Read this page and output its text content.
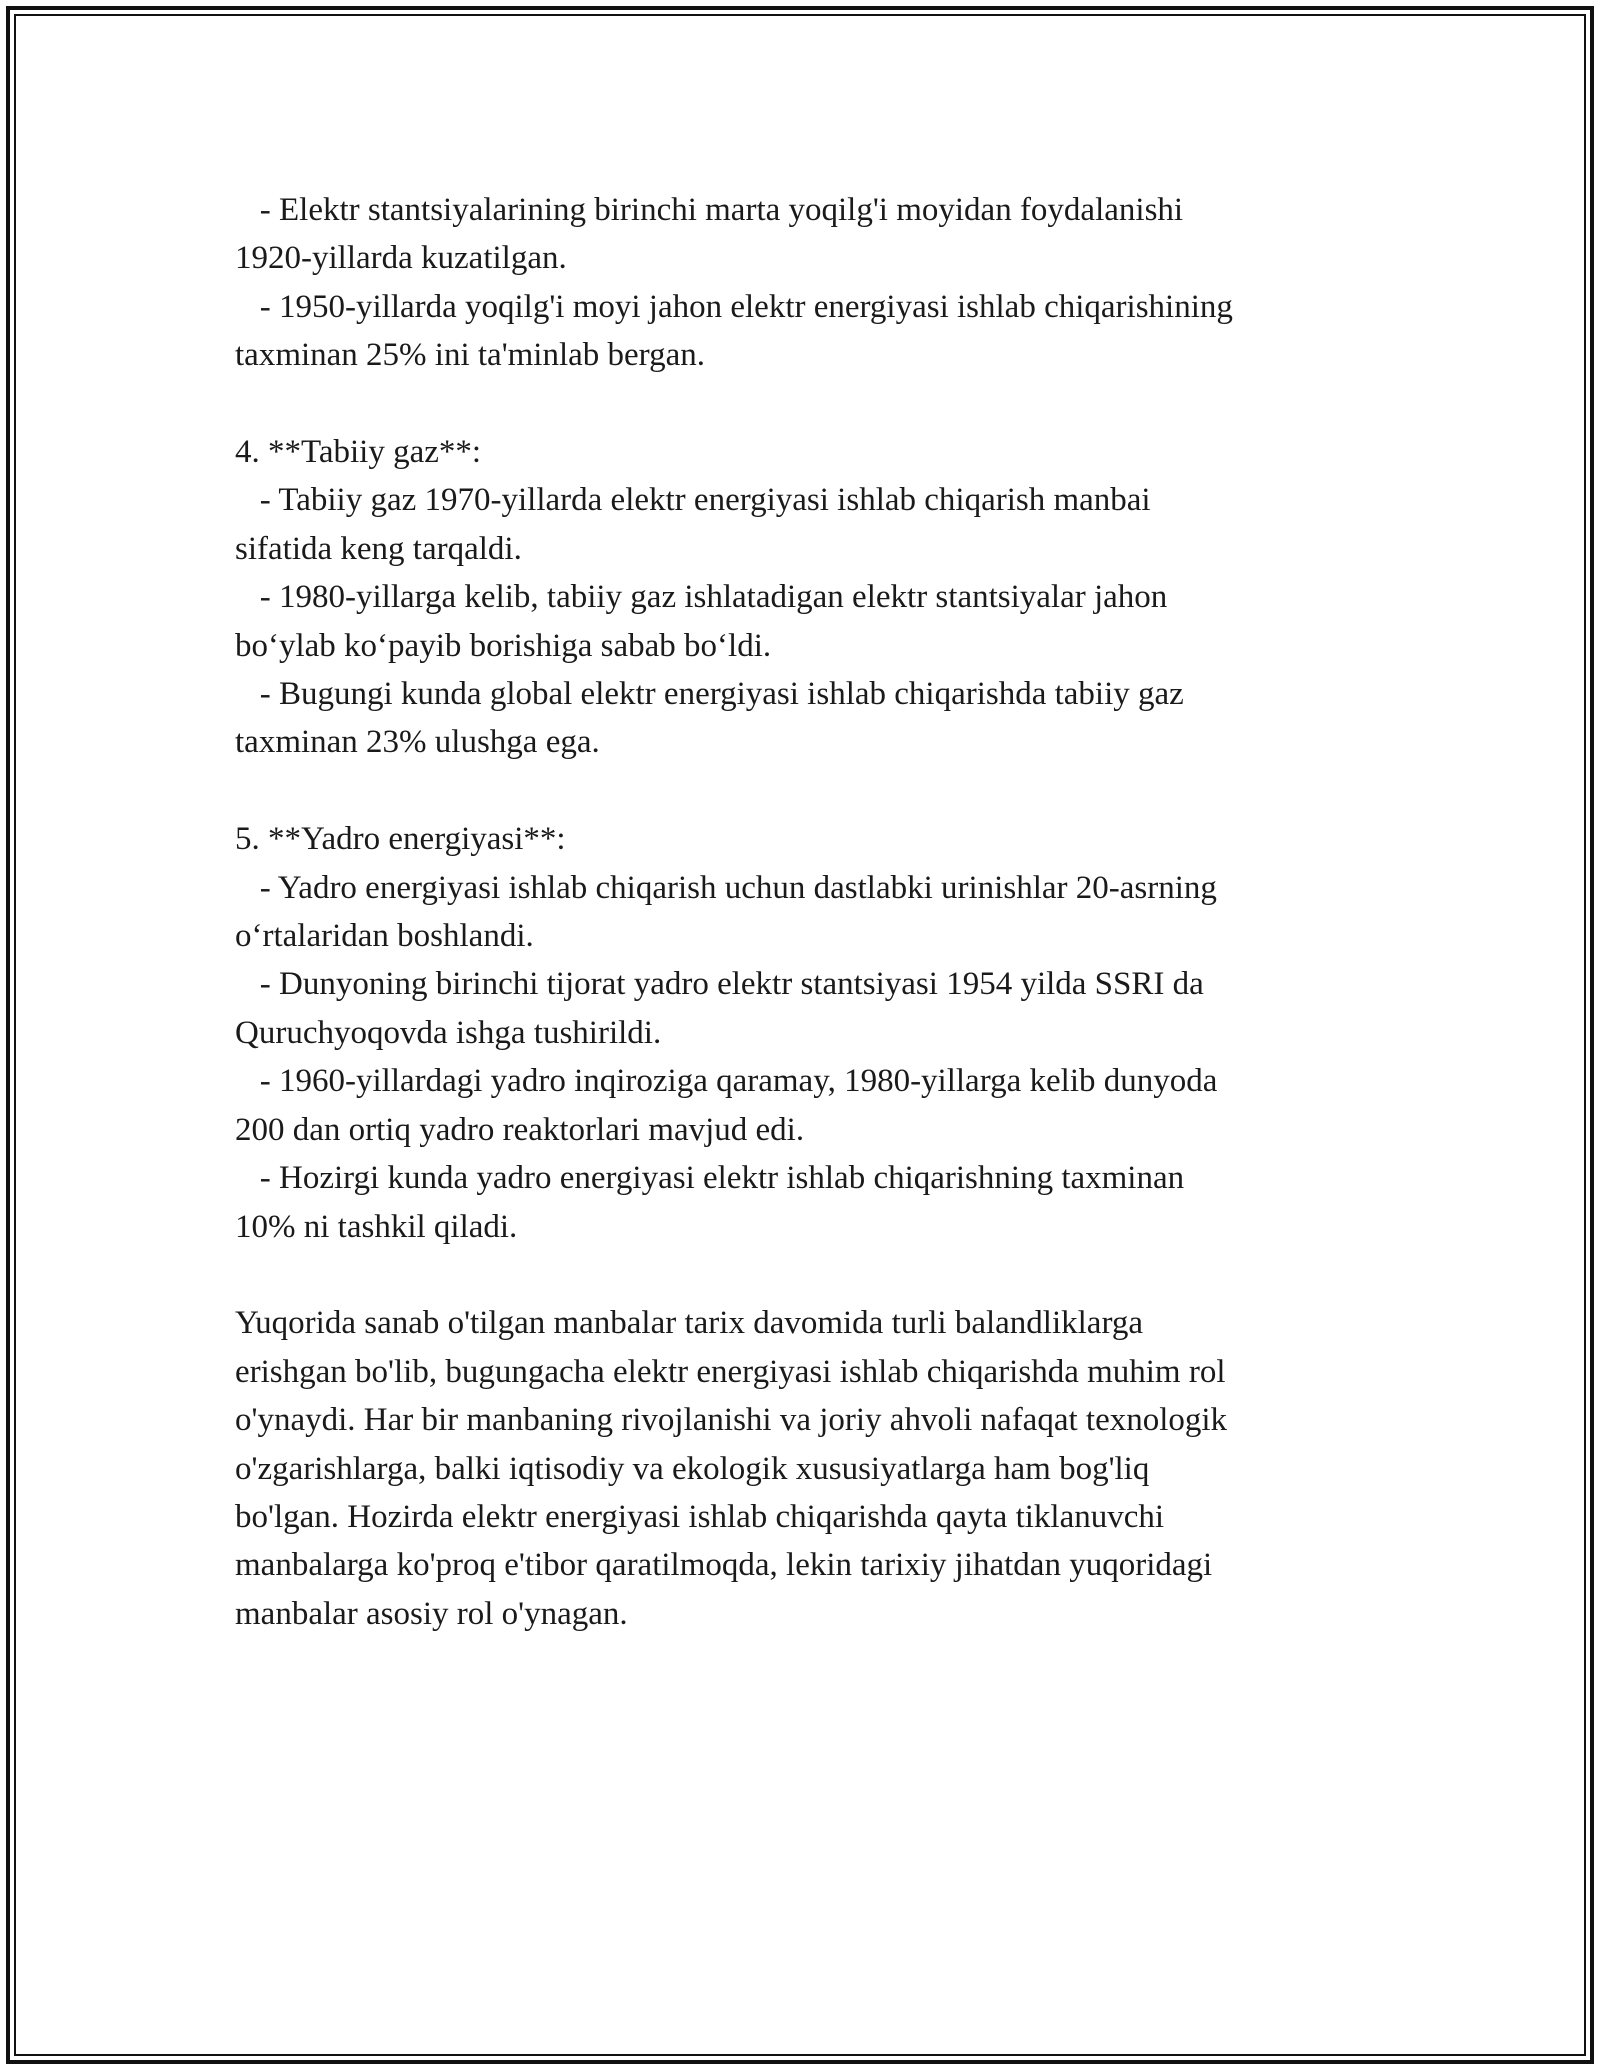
- Elektr stantsiyalarining birinchi marta yoqilg'i moyidan foydalanishi
1920-yillarda kuzatilgan.
- 1950-yillarda yoqilg'i moyi jahon elektr energiyasi ishlab chiqarishining
taxminan 25% ini ta'minlab bergan.
4. **Tabiiy gaz**:
- Tabiiy gaz 1970-yillarda elektr energiyasi ishlab chiqarish manbai
sifatida keng tarqaldi.
- 1980-yillarga kelib, tabiiy gaz ishlatadigan elektr stantsiyalar jahon
bo‘ylab ko‘payib borishiga sabab bo‘ldi.
- Bugungi kunda global elektr energiyasi ishlab chiqarishda tabiiy gaz
taxminan 23% ulushga ega.
5. **Yadro energiyasi**:
- Yadro energiyasi ishlab chiqarish uchun dastlabki urinishlar 20-asrning
o‘rtalaridan boshlandi.
- Dunyoning birinchi tijorat yadro elektr stantsiyasi 1954 yilda SSRI da
Quruchyoqovda ishga tushirildi.
- 1960-yillardagi yadro inqiroziga qaramay, 1980-yillarga kelib dunyoda
200 dan ortiq yadro reaktorlari mavjud edi.
- Hozirgi kunda yadro energiyasi elektr ishlab chiqarishning taxminan
10% ni tashkil qiladi.
Yuqorida sanab o'tilgan manbalar tarix davomida turli balandliklarga
erishgan bo'lib, bugungacha elektr energiyasi ishlab chiqarishda muhim rol
o'ynaydi. Har bir manbaning rivojlanishi va joriy ahvoli nafaqat texnologik
o'zgarishlarga, balki iqtisodiy va ekologik xususiyatlarga ham bog'liq
bo'lgan. Hozirda elektr energiyasi ishlab chiqarishda qayta tiklanuvchi
manbalarga ko'proq e'tibor qaratilmoqda, lekin tarixiy jihatdan yuqoridagi
manbalar asosiy rol o'ynagan.
